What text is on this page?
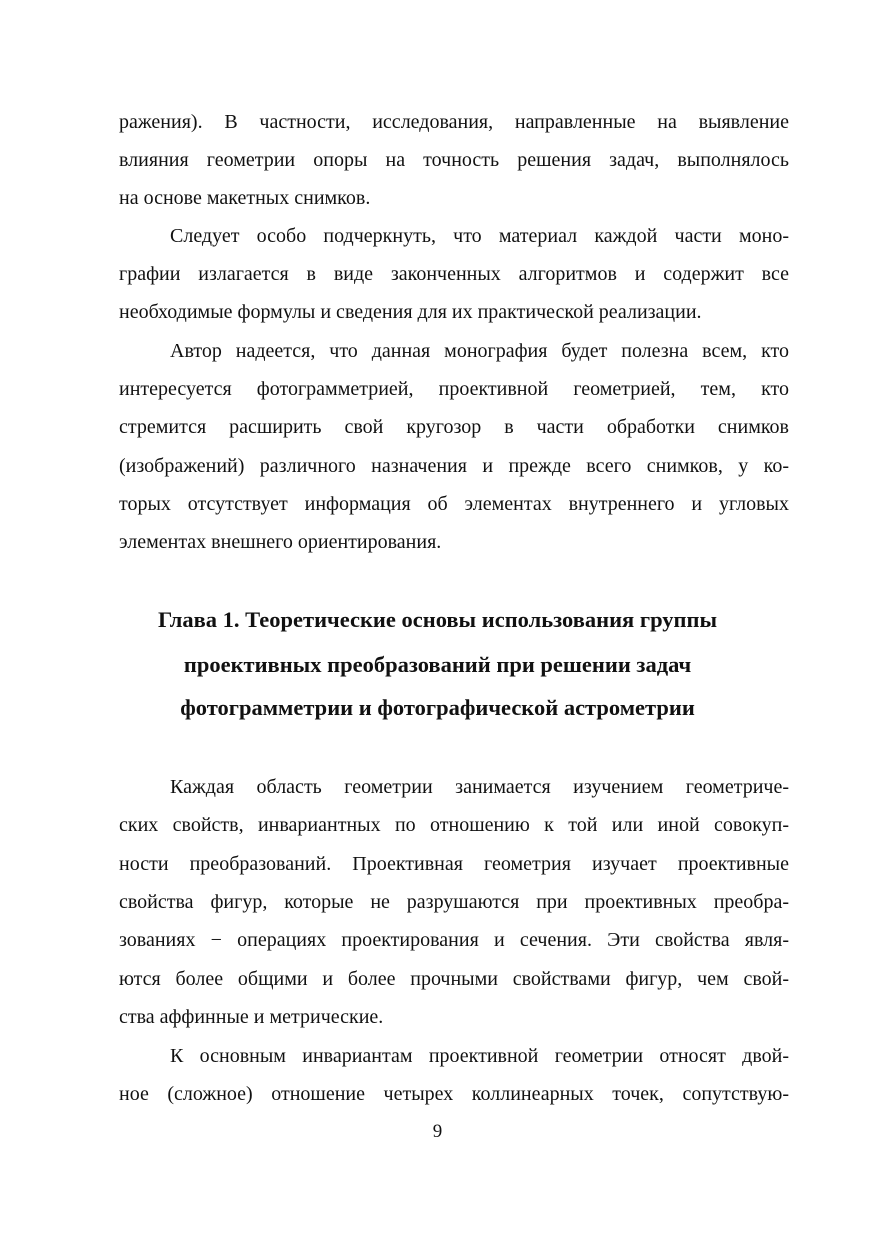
ражения). В частности, исследования, направленные на выявление
влияния геометрии опоры на точность решения задач, выполнялось
на основе макетных снимков.
Следует особо подчеркнуть, что материал каждой части моно-
графии излагается в виде законченных алгоритмов и содержит все
необходимые формулы и сведения для их практической реализации.
Автор надеется, что данная монография будет полезна всем, кто
интересуется фотограмметрией, проективной геометрией, тем, кто
стремится расширить свой кругозор в части обработки снимков
(изображений) различного назначения и прежде всего снимков, у ко-
торых отсутствует информация об элементах внутреннего и угловых
элементах внешнего ориентирования.
Глава 1. Теоретические основы использования группы
проективных преобразований при решении задач
фотограмметрии и фотографической астрометрии
Каждая область геометрии занимается изучением геометриче-
ских свойств, инвариантных по отношению к той или иной совокуп-
ности преобразований. Проективная геометрия изучает проективные
свойства фигур, которые не разрушаются при проективных преобра-
зованиях − операциях проектирования и сечения. Эти свойства явля-
ются более общими и более прочными свойствами фигур, чем свой-
ства аффинные и метрические.
К основным инвариантам проективной геометрии относят двой-
ное (сложное) отношение четырех коллинеарных точек, сопутствую-
9
